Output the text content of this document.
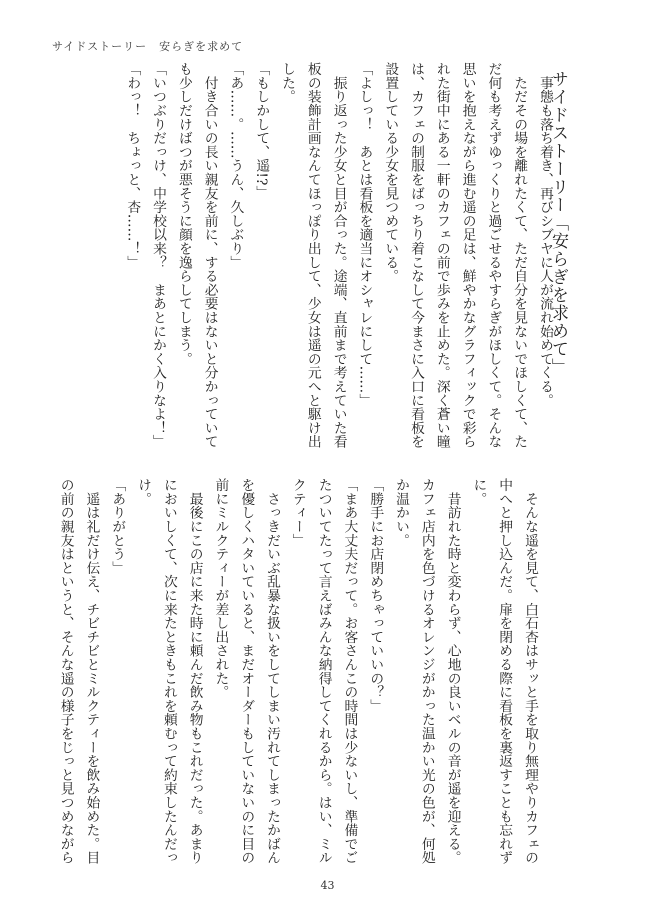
サイドストーリー　安らぎを求めて
サイドストーリー「安らぎを求めて」
　事態も落ち着き、再びシブヤに人が流れ始めてくる。
　ただその場を離れたくて、ただ自分を見ないでほしくて、た
だ何も考えずゆっくりと過ごせるやすらぎがほしくて。そんな
思いを抱えながら進む遥の足は、鮮やかなグラフィックで彩ら
れた街中にある一軒のカフェの前で歩みを止めた。深く蒼い瞳
は、カフェの制服をばっちり着こなして今まさに入口に看板を
設置している少女を見つめている。
「よしっ！　あとは看板を適当にオシャレにして……」
　振り返った少女と目が合った。途端、直前まで考えていた看
板の装飾計画なんてほっぽり出して、少女は遥の元へと駆け出
した。
「もしかして、遥!?」
「あ……。……うん、久しぶり」
　付き合いの長い親友を前に、する必要はないと分かっていて
も少しだけばつが悪そうに顔を逸らしてしまう。
「いつぶりだっけ、中学校以来？　まあとにかく入りなよ！」
「わっ！　ちょっと、杏……！」
　そんな遥を見て、白石杏はサッと手を取り無理やりカフェの
中へと押し込んだ。扉を閉める際に看板を裏返すことも忘れず
に。
　昔訪れた時と変わらず、心地の良いベルの音が遥を迎える。
カフェ店内を色づけるオレンジがかった温かい光の色が、何処
か温かい。
「勝手にお店閉めちゃっていいの？」
「まあ大丈夫だって。お客さんこの時間は少ないし、準備でご
たついてたって言えばみんな納得してくれるから。はい、ミル
クティー」
　さっきだいぶ乱暴な扱いをしてしまい汚れてしまったかばん
を優しくハタいていると、まだオーダーもしていないのに目の
前にミルクティーが差し出された。
　最後にこの店に来た時に頼んだ飲み物もこれだった。あまり
においしくて、次に来たときもこれを頼むって約束したんだっ
け。
「ありがとう」
　遥は礼だけ伝え、チビチビとミルクティーを飲み始めた。目
の前の親友はというと、そんな遥の様子をじっと見つめながら
43
